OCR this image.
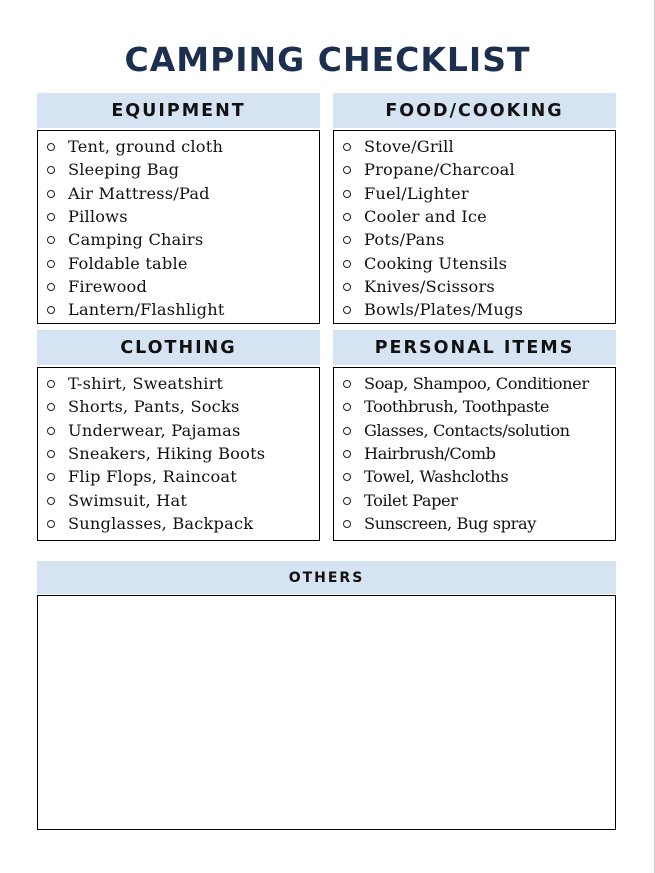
CAMPING CHECKLIST
EQUIPMENT
Tent, ground cloth
Sleeping Bag
Air Mattress/Pad
Pillows
Camping Chairs
Foldable table
Firewood
Lantern/Flashlight
FOOD/COOKING
Stove/Grill
Propane/Charcoal
Fuel/Lighter
Cooler and Ice
Pots/Pans
Cooking Utensils
Knives/Scissors
Bowls/Plates/Mugs
CLOTHING
T-shirt, Sweatshirt
Shorts, Pants, Socks
Underwear, Pajamas
Sneakers, Hiking Boots
Flip Flops, Raincoat
Swimsuit, Hat
Sunglasses, Backpack
PERSONAL ITEMS
Soap, Shampoo, Conditioner
Toothbrush, Toothpaste
Glasses, Contacts/solution
Hairbrush/Comb
Towel, Washcloths
Toilet Paper
Sunscreen, Bug spray
OTHERS
